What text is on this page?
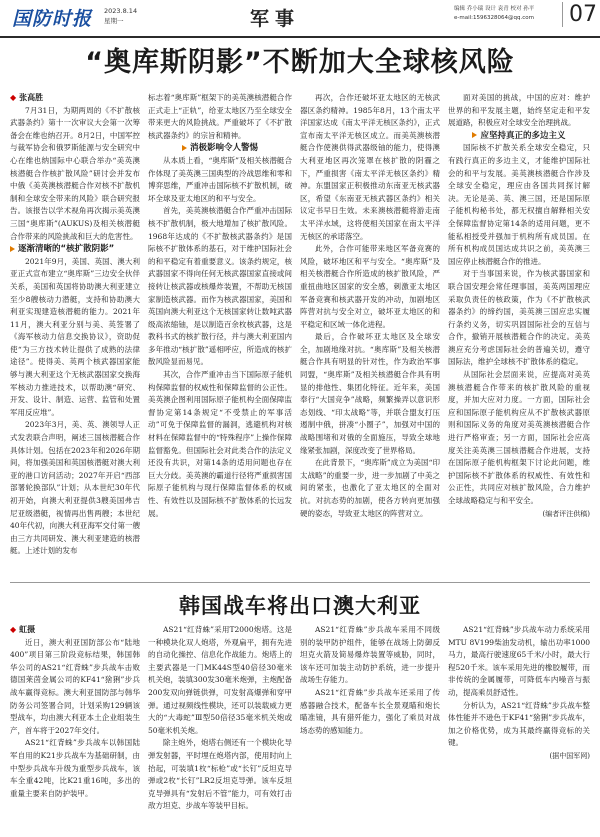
国防时报 2023.8.14
星期一	军事	编辑 乔小瑞 设计 袁青 校对 孙平
e-mail:1596328064@qq.com	07
“奥库斯阴影”不断加大全球核风险

◆ 张高胜

7月31日，为期两周的《不扩散核武器条约》第十一次审议大会第一次筹备会在维也纳召开。8月2日，中国军控与裁军协会和俄罗斯能源与安全研究中心在维也纳国际中心联合举办“美英澳核潜艇合作核扩散风险”研讨会并发布中俄《美英澳核潜艇合作对核不扩散机制和全球安全带来的风险》联合研究报告。该报告以学术视角再次揭示美英澳三国“奥库斯”(AUKUS)及相关核潜艇合作带来的风险挑战和巨大的危害性。

逐渐清晰的“核扩散阴影”

2021年9月，美国、英国、澳大利亚正式宣布建立“奥库斯”三边安全伙伴关系，美国和英国将协助澳大利亚建立至少8艘核动力潜艇，支持和协助澳大利亚实现建造核潜艇的能力。2021年11月，澳大利亚分别与美、英签署了《海军核动力信息交换协议》，资助促使“为三方技术转让提供了成熟的法律途径”。使得美、英两个核武器国家能够与澳大利亚这个无核武器国家交换海军核动力推进技术，以帮助澳“研究、开发、设计、制造、运营、监管和处置军用反应堆”。

2023年3月，美、英、澳领导人正式发表联合声明，阐述三国核潜艇合作具体计划。包括在2023年和2026年期间，将加强美国和英国核潜艇对澳大利亚的港口访问活动；2027年开启“西部部署轮换部队”计划；从本世纪30年代初开始，向澳大利亚提供3艘美国弗吉尼亚级潜艇，视情再出售两艘；本世纪40年代初，向澳大利亚海军交付第一艘由三方共同研发、澳大利亚建造的核潜艇。上述计划的发布

标志着“奥库斯”框架下的美英澳核潜艇合作正式走上“正轨”，给亚太地区乃至全球安全带来更大的风险挑战。严重破坏了《不扩散核武器条约》的宗旨和精神。

消极影响令人警惕

从本质上看，“奥库斯”及相关核潜艇合作体现了美英澳三国典型的冷战思维和零和博弈思维，严重冲击国际核不扩散机制，破坏全球及亚太地区的和平与安全。

首先，美英澳核潜艇合作严重冲击国际核不扩散机制，极大地增加了核扩散风险。1968年达成的《不扩散核武器条约》是国际核不扩散体系的基石，对于维护国际社会的和平稳定有着重要意义。该条约规定，核武器国家不得向任何无核武器国家直接或间接转让核武器或核爆炸装置，不帮助无核国家制造核武器。而作为核武器国家，美国和英国向澳大利亚这个无核国家转让数吨武器级高浓缩铀，是以制造百余枚核武器，这是教科书式的核扩散行径，并与澳大利亚国内多年推动“核扩散”遥相呼应，所造成的核扩散风险显而易见。

其次，合作严重冲击当下国际原子能机构保障监督的权威性和保障监督的公正性。美英澳企图利用国际原子能机构全面保障监督协定第14条规定“不受禁止的军事活动”可免于保障监督的漏洞，逃避机构对核材料在保障监督中的“特殊程序”上操作保障监督豁免。但国际社会对此类合作的法定义还没有共识，对第14条的适用问题也存在巨大分歧。美英澳的霸道行径将严重损害国际原子能机构与现行保障监督体系的权威性、有效性以及国际核不扩散体系的长远发展。

再次，合作还破坏亚太地区的无核武器区条约精神。1985年8月，13个南太平洋国家达成《南太平洋无核区条约》，正式宣布南太平洋无核区成立。而美英澳核潜艇合作使澳供得武器级铀的能力，使得澳大利亚地区再次笼罩在核扩散的阴霾之下，严重损害《南太平洋无核区条约》精神。东盟国家正积极推动东南亚无核武器区，希望《东南亚无核武器区条约》相关议定书早日生效。未来澳核潜艇将游走南太平洋水域，这将使相关国家在南太平洋无核区的承诺落空。

此外，合作可能带来地区军备竞赛的风险，破坏地区和平与安全。“奥库斯”及相关核潜艇合作所造成的核扩散风险，严重扭曲地区国家的安全感，刺激亚太地区军备竞赛和核武器开发的冲动，加剧地区阵营对抗与安全对立，破坏亚太地区的和平稳定和区域一体化进程。

最后，合作破坏亚太地区及全球安全，加剧地缘对抗。“奥库斯”及相关核潜艇合作具有明显的针对性，作为政治军事同盟，“奥库斯”及相关核潜艇合作具有明显的排他性、集团化特征。近年来，美国奉行“大国竞争”战略，频繁操弄以意识形态划线、“印太战略”等，并联合盟友打压遏制中俄，拼凑“小圈子”，加强对中国的战略围堵和对俄的全面施压，导致全球地缘紧张加剧，深度改变了世界格局。

在此背景下，“奥库斯”成立为美国“印太战略”的重要一步，进一步加剧了中美之间的紧张，也激化了亚太地区的全面对抗。对抗态势的加剧，使各方转向更加强硬的姿态，导致亚太地区的阵营对立。

面对美国的挑战，中国的应对：维护世界的和平发展主题，始终坚定走和平发展道路，积极应对全球安全治理挑战。

应坚持真正的多边主义

国际核不扩散关系全球安全稳定，只有践行真正的多边主义，才能维护国际社会的和平与发展。美英澳核潜艇合作涉及全球安全稳定，理应由各国共同探讨解决。无论是美、英、澳三国，还是国际原子能机构秘书处，都无权擅自解释相关安全保障监督协定第14条的适用问题，更不能私相授受并强加于机构所有成员国。在所有机构成员国达成共识之前，美英澳三国应停止核潜艇合作的推进。

对于当事国来说，作为核武器国家和联合国安理会常任理事国，美英两国理应采取负责任的核政策，作为《不扩散核武器条约》的缔约国，美英澳三国应忠实履行条约义务，切实巩固国际社会的互信与合作，撤销开展核潜艇合作的决定。美英澳应充分考虑国际社会的普遍关切，遵守国际法，维护全球核不扩散体系的稳定。

从国际社会层面来说，应提高对美英澳核潜艇合作带来的核扩散风险的重视度，并加大应对力度。一方面，国际社会应和国际原子能机构应从不扩散核武器原则和国际义务的角度对美英澳核潜艇合作进行严格审查；另一方面，国际社会应高度关注美英澳三国核潜艇合作进展，支持在国际原子能机构框架下讨论此问题，维护国际核不扩散体系的权威性、有效性和公正性，共同应对核扩散风险，合力维护全球战略稳定与和平安全。

(编者评注供稿)

韩国战车将出口澳大利亚

◆ 虹摄

近日，澳大利亚国防部公布“陆地400”项目第三阶段竞标结果，韩国韩华公司的AS21“红背蛛”步兵战车击败德国莱茵金属公司的KF41“猞猁”步兵战车赢得竞标。澳大利亚国防部与韩华防务公司签署合同，计划采购129辆该型战车，均由澳大利亚本土企业组装生产，首车将于2027年交付。

AS21“红背蛛”步兵战车以韩国陆军自用的K21步兵战车为基础研制，由中型步兵战车升级为重型步兵战车，该车全重42吨，比K21重16吨，多出的重量主要来自防护装甲。

AS21“红背蛛”采用T2000炮塔。这是一种模块化双人炮塔，外观扁平，拥有先进的自动化操控、信息化作战能力。炮塔上的主要武器是一门MK44S型40倍径30毫米机关炮，装填300发30毫米炮弹，主炮配备200发双向弹链供弹，可发射高爆弹和穿甲弹。通过视频线性模块，还可以装载威力更大的“大毒蛇”Ⅲ型50倍径35毫米机关炮或50毫米机关炮。

除主炮外，炮塔右侧还有一个模块化导弹发射器，平时埋在炮塔内部，使用时向上抬起，可装填1枚“标枪”或“长钉”反坦克导弹或2枚“长钉”LR2反坦克导弹。该车反坦克导弹具有“发射后不管”能力，可有效打击敌方坦克、步战车等装甲目标。

AS21“红背蛛”步兵战车采用不同级别的装甲防护组件，能够在战场上防御反坦克火箭及简易爆炸装置等威胁，同时，该车还可加装主动防护系统，进一步提升战场生存能力。

AS21“红背蛛”步兵战车还采用了传感器融合技术，配备车长全景观瞄和炮长瞄准镜，具有猎歼能力，强化了乘员对战场态势的感知能力。

AS21“红背蛛”步兵战车动力系统采用MTU 8V199柴油发动机，输出功率1000马力，最高行驶速度65千米/小时，最大行程520千米。该车采用先进的橡胶履带，而非传统的金属履带，可降低车内噪音与振动，提高乘员舒适性。

分析认为，AS21“红背蛛”步兵战车整体性能并不逊色于KF41“猞猁”步兵战车，加之价格优势，成为其最终赢得竞标的关键。

(据中国军网)
